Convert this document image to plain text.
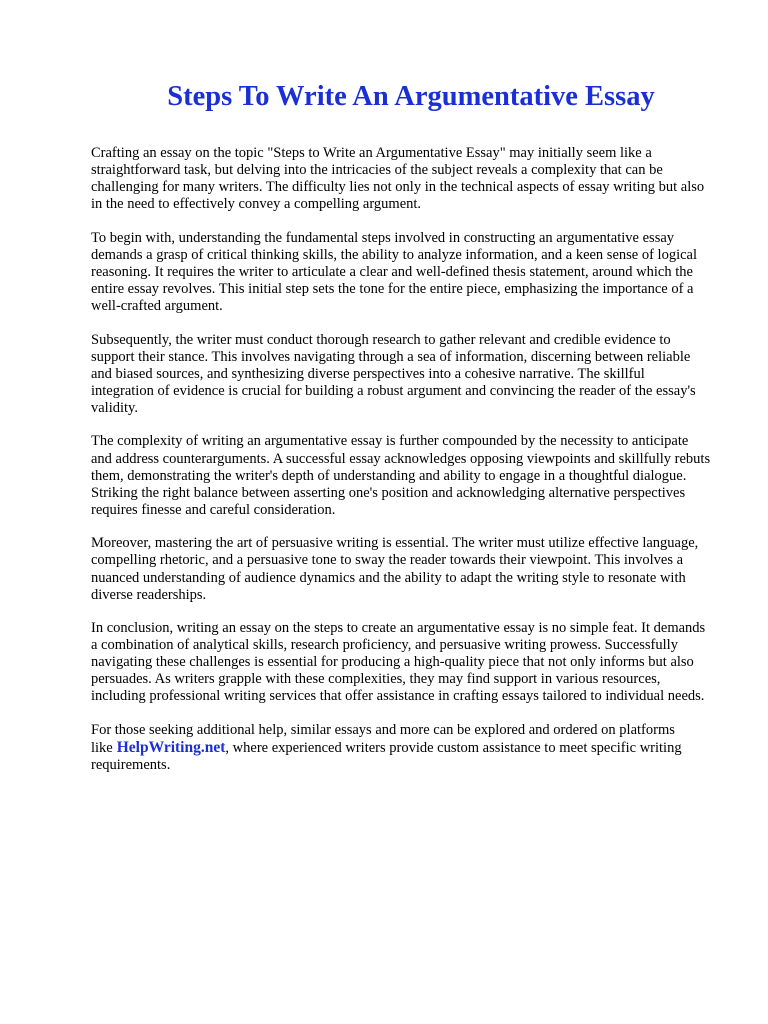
Steps To Write An Argumentative Essay

Crafting an essay on the topic "Steps to Write an Argumentative Essay" may initially seem like a straightforward task, but delving into the intricacies of the subject reveals a complexity that can be challenging for many writers. The difficulty lies not only in the technical aspects of essay writing but also in the need to effectively convey a compelling argument.

To begin with, understanding the fundamental steps involved in constructing an argumentative essay demands a grasp of critical thinking skills, the ability to analyze information, and a keen sense of logical reasoning. It requires the writer to articulate a clear and well-defined thesis statement, around which the entire essay revolves. This initial step sets the tone for the entire piece, emphasizing the importance of a well-crafted argument.

Subsequently, the writer must conduct thorough research to gather relevant and credible evidence to support their stance. This involves navigating through a sea of information, discerning between reliable and biased sources, and synthesizing diverse perspectives into a cohesive narrative. The skillful integration of evidence is crucial for building a robust argument and convincing the reader of the essay's validity.

The complexity of writing an argumentative essay is further compounded by the necessity to anticipate and address counterarguments. A successful essay acknowledges opposing viewpoints and skillfully rebuts them, demonstrating the writer's depth of understanding and ability to engage in a thoughtful dialogue. Striking the right balance between asserting one's position and acknowledging alternative perspectives requires finesse and careful consideration.

Moreover, mastering the art of persuasive writing is essential. The writer must utilize effective language, compelling rhetoric, and a persuasive tone to sway the reader towards their viewpoint. This involves a nuanced understanding of audience dynamics and the ability to adapt the writing style to resonate with diverse readerships.

In conclusion, writing an essay on the steps to create an argumentative essay is no simple feat. It demands a combination of analytical skills, research proficiency, and persuasive writing prowess. Successfully navigating these challenges is essential for producing a high-quality piece that not only informs but also persuades. As writers grapple with these complexities, they may find support in various resources, including professional writing services that offer assistance in crafting essays tailored to individual needs.

For those seeking additional help, similar essays and more can be explored and ordered on platforms like HelpWriting.net, where experienced writers provide custom assistance to meet specific writing requirements.
